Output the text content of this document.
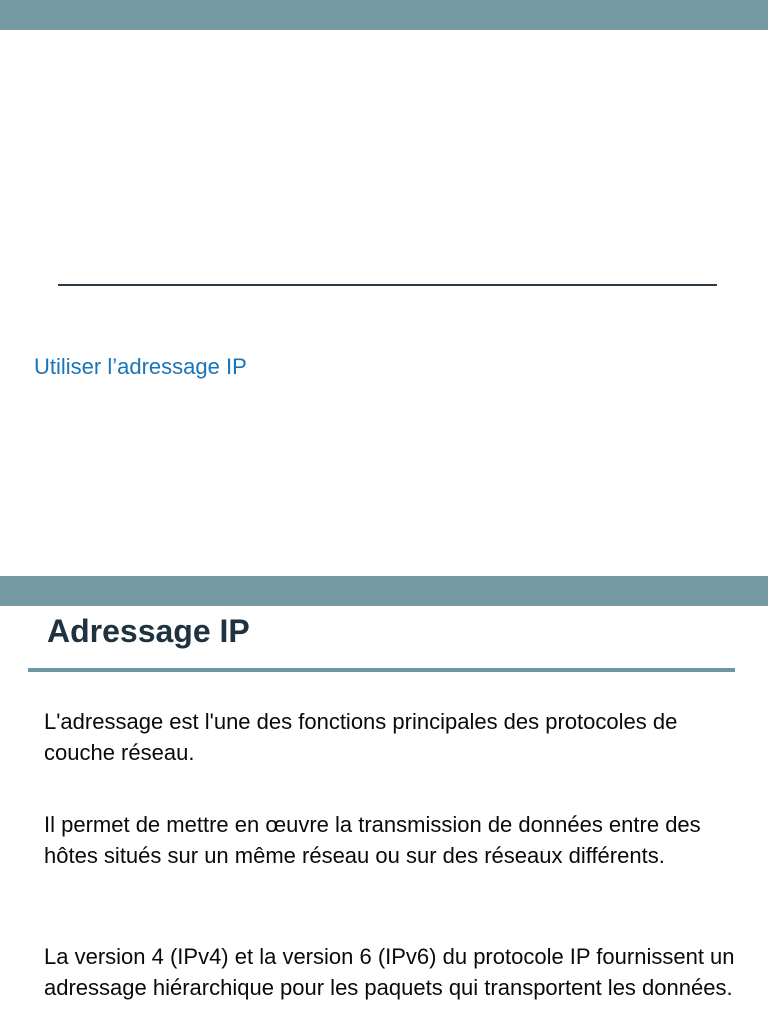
Utiliser l’adressage IP
Adressage IP

L'adressage est l'une des fonctions principales des protocoles de couche réseau.

Il permet de mettre en œuvre la transmission de données entre des hôtes situés sur un même réseau ou sur des réseaux différents.

La version 4 (IPv4) et la version 6 (IPv6) du protocole IP fournissent un adressage hiérarchique pour les paquets qui transportent les données.
